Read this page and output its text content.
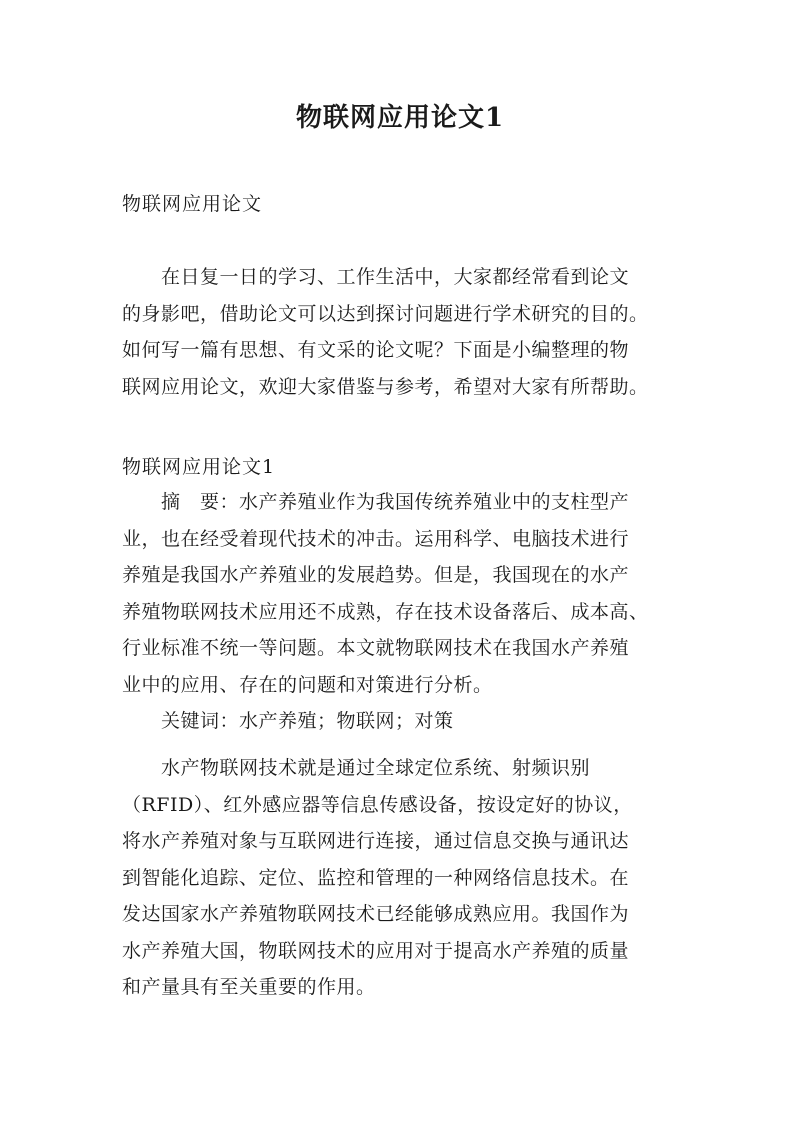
物联网应用论文1

物联网应用论文

　　在日复一日的学习、工作生活中，大家都经常看到论文
的身影吧，借助论文可以达到探讨问题进行学术研究的目的。
如何写一篇有思想、有文采的论文呢？下面是小编整理的物
联网应用论文，欢迎大家借鉴与参考，希望对大家有所帮助。

物联网应用论文1

　　摘　要：水产养殖业作为我国传统养殖业中的支柱型产
业，也在经受着现代技术的冲击。运用科学、电脑技术进行
养殖是我国水产养殖业的发展趋势。但是，我国现在的水产
养殖物联网技术应用还不成熟，存在技术设备落后、成本高、
行业标准不统一等问题。本文就物联网技术在我国水产养殖
业中的应用、存在的问题和对策进行分析。
　　关键词：水产养殖；物联网；对策
　　水产物联网技术就是通过全球定位系统、射频识别
（RFID）、红外感应器等信息传感设备，按设定好的协议，
将水产养殖对象与互联网进行连接，通过信息交换与通讯达
到智能化追踪、定位、监控和管理的一种网络信息技术。在
发达国家水产养殖物联网技术已经能够成熟应用。我国作为
水产养殖大国，物联网技术的应用对于提高水产养殖的质量
和产量具有至关重要的作用。
